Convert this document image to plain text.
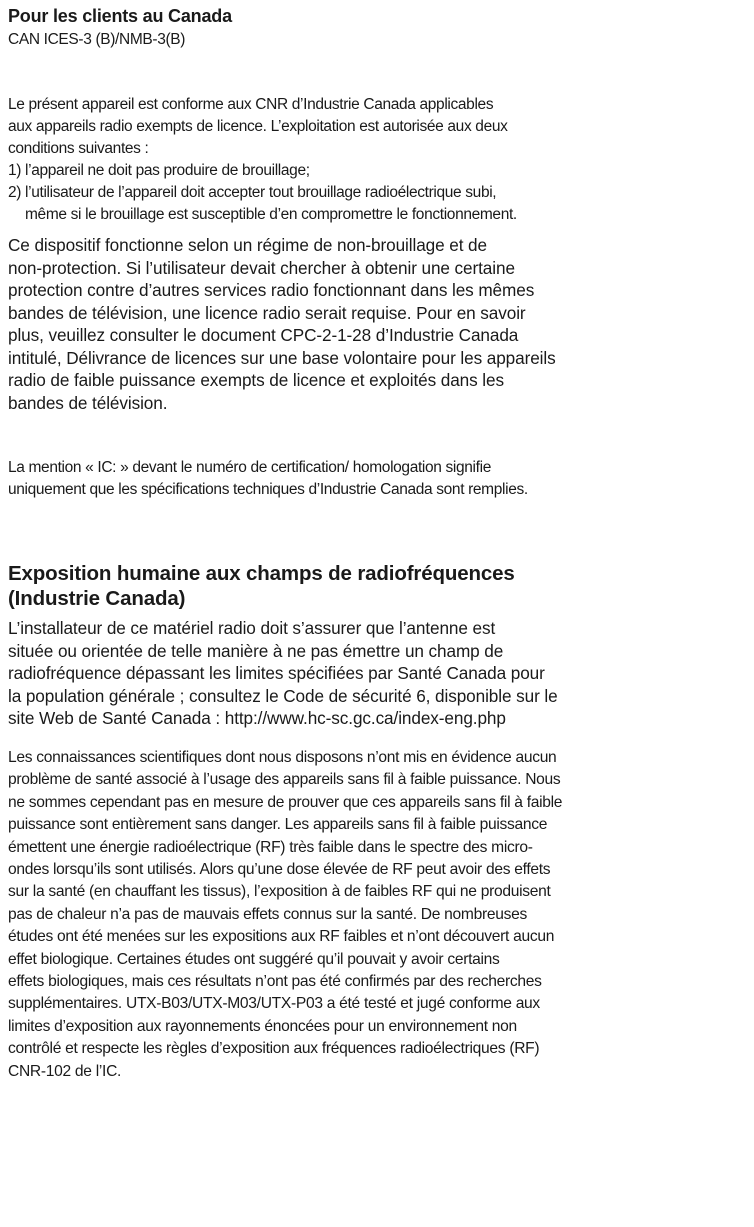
Pour les clients au Canada

CAN ICES-3 (B)/NMB-3(B)

Le présent appareil est conforme aux CNR d’Industrie Canada applicables
aux appareils radio exempts de licence. L’exploitation est autorisée aux deux
conditions suivantes :

1) l’appareil ne doit pas produire de brouillage;

2) l’utilisateur de l’appareil doit accepter tout brouillage radioélectrique subi,
même si le brouillage est susceptible d’en compromettre le fonctionnement.

Ce dispositif fonctionne selon un régime de non-brouillage et de
non-protection. Si l’utilisateur devait chercher à obtenir une certaine
protection contre d’autres services radio fonctionnant dans les mêmes
bandes de télévision, une licence radio serait requise. Pour en savoir
plus, veuillez consulter le document CPC-2-1-28 d’Industrie Canada
intitulé, Délivrance de licences sur une base volontaire pour les appareils
radio de faible puissance exempts de licence et exploités dans les
bandes de télévision.

La mention « IC: » devant le numéro de certification/ homologation signifie
uniquement que les spécifications techniques d’Industrie Canada sont remplies.

Exposition humaine aux champs de radiofréquences
(Industrie Canada)

L’installateur de ce matériel radio doit s’assurer que l’antenne est
située ou orientée de telle manière à ne pas émettre un champ de
radiofréquence dépassant les limites spécifiées par Santé Canada pour
la population générale ; consultez le Code de sécurité 6, disponible sur le
site Web de Santé Canada : http://www.hc-sc.gc.ca/index-eng.php

Les connaissances scientifiques dont nous disposons n’ont mis en évidence aucun
problème de santé associé à l’usage des appareils sans fil à faible puissance. Nous
ne sommes cependant pas en mesure de prouver que ces appareils sans fil à faible
puissance sont entièrement sans danger. Les appareils sans fil à faible puissance
émettent une énergie radioélectrique (RF) très faible dans le spectre des micro-
ondes lorsqu’ils sont utilisés. Alors qu’une dose élevée de RF peut avoir des effets
sur la santé (en chauffant les tissus), l’exposition à de faibles RF qui ne produisent
pas de chaleur n’a pas de mauvais effets connus sur la santé. De nombreuses
études ont été menées sur les expositions aux RF faibles et n’ont découvert aucun
effet biologique. Certaines études ont suggéré qu’il pouvait y avoir certains
effets biologiques, mais ces résultats n’ont pas été confirmés par des recherches
supplémentaires. UTX-B03/UTX-M03/UTX-P03 a été testé et jugé conforme aux
limites d’exposition aux rayonnements énoncées pour un environnement non
contrôlé et respecte les règles d’exposition aux fréquences radioélectriques (RF)
CNR-102 de l’IC.
